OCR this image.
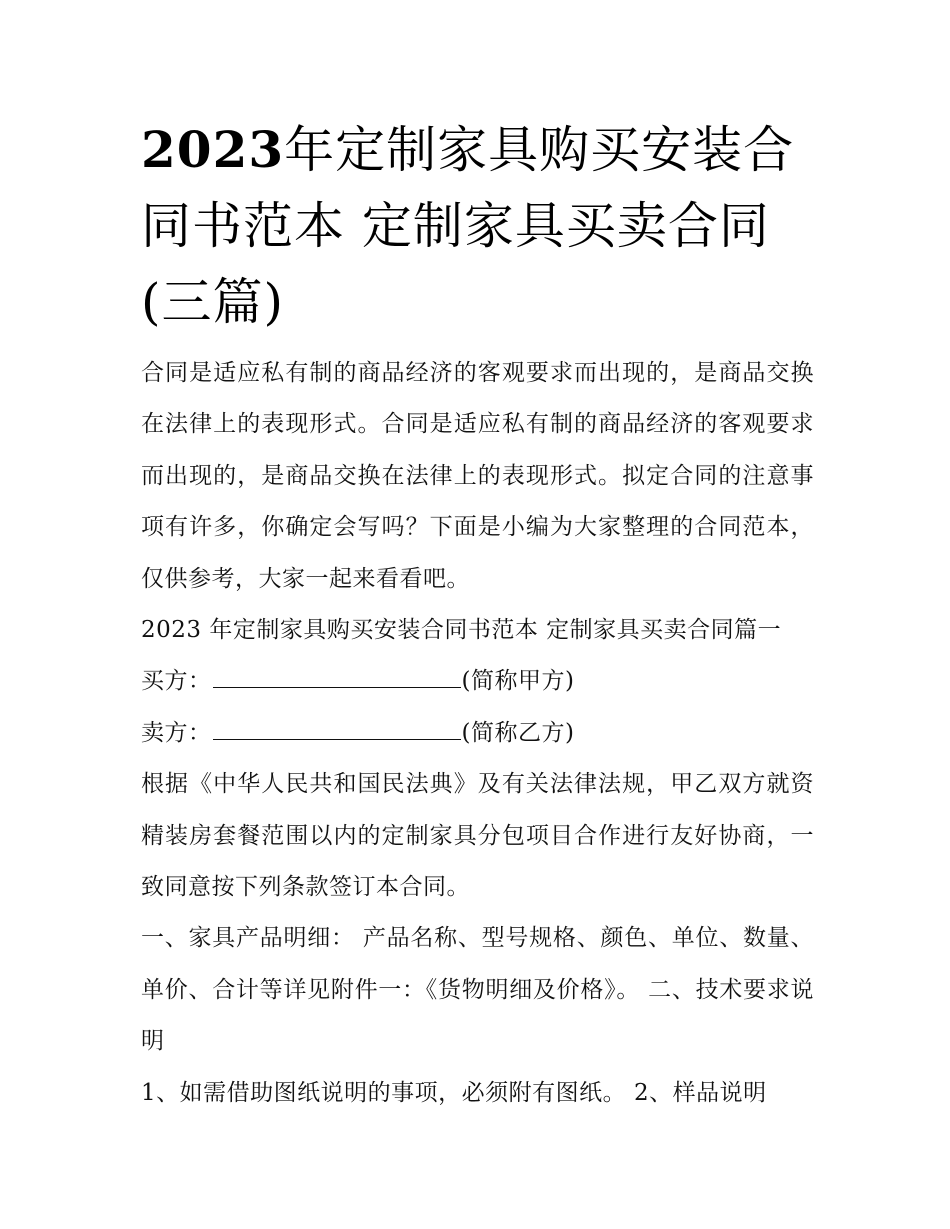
2023年定制家具购买安装合同书范本 定制家具买卖合同(三篇)

合同是适应私有制的商品经济的客观要求而出现的，是商品交换在法律上的表现形式。合同是适应私有制的商品经济的客观要求而出现的，是商品交换在法律上的表现形式。拟定合同的注意事项有许多，你确定会写吗？下面是小编为大家整理的合同范本，仅供参考，大家一起来看看吧。

2023 年定制家具购买安装合同书范本 定制家具买卖合同篇一

买方：	(简称甲方)

卖方：	(简称乙方)

根据《中华人民共和国民法典》及有关法律法规，甲乙双方就资精装房套餐范围以内的定制家具分包项目合作进行友好协商，一致同意按下列条款签订本合同。

一、家具产品明细： 产品名称、型号规格、颜色、单位、数量、单价、合计等详见附件一：《货物明细及价格》。 二、技术要求说明

1、如需借助图纸说明的事项，必须附有图纸。 2、样品说明
